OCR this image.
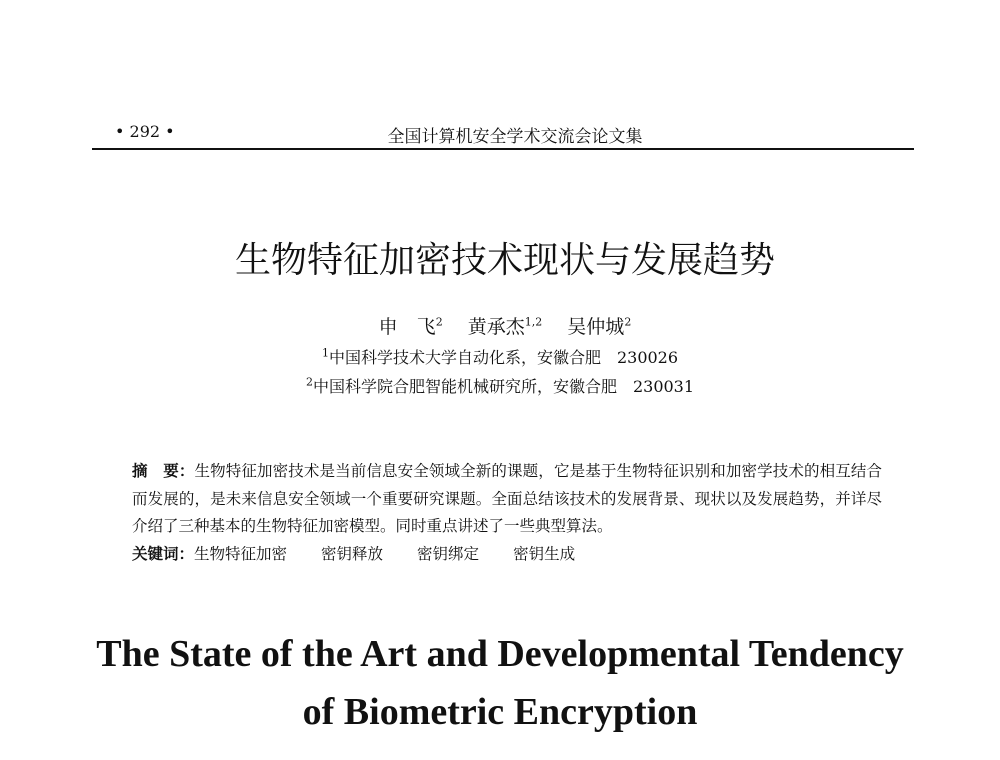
• 292 •	全国计算机安全学术交流会论文集
生物特征加密技术现状与发展趋势
申　飞$^2$  黄承杰$^{1,2}$  吴仲城$^2$
$^1$中国科学技术大学自动化系，安徽合肥　230026
$^2$中国科学院合肥智能机械研究所，安徽合肥　230031
摘　要：生物特征加密技术是当前信息安全领域全新的课题，它是基于生物特征识别和加密学技术的相互结合而发展的，是未来信息安全领域一个重要研究课题。全面总结该技术的发展背景、现状以及发展趋势，并详尽介绍了三种基本的生物特征加密模型。同时重点讲述了一些典型算法。
关键词：生物特征加密 密钥释放 密钥绑定 密钥生成
The State of the Art and Developmental Tendency
of Biometric Encryption
